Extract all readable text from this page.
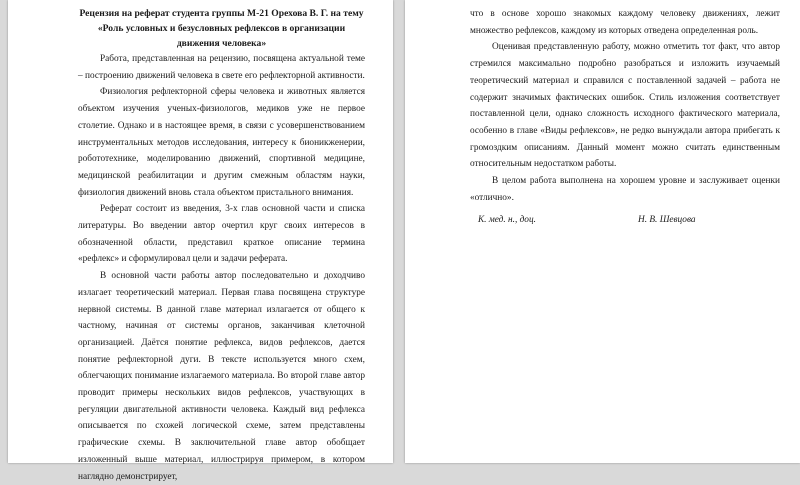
Рецензия на реферат студента группы М-21 Орехова В. Г. на тему «Роль условных и безусловных рефлексов в организации движения человека»

Работа, представленная на рецензию, посвящена актуальной теме – построению движений человека в свете его рефлекторной активности.

Физиология рефлекторной сферы человека и животных является объектом изучения ученых-физиологов, медиков уже не первое столетие. Однако и в настоящее время, в связи с усовершенствованием инструментальных методов исследования, интересу к бионикженерии, робототехнике, моделированию движений, спортивной медицине, медицинской реабилитации и другим смежным областям науки, физиология движений вновь стала объектом пристального внимания.

Реферат состоит из введения, 3-х глав основной части и списка литературы. Во введении автор очертил круг своих интересов в обозначенной области, представил краткое описание термина «рефлекс» и сформулировал цели и задачи реферата.

В основной части работы автор последовательно и доходчиво излагает теоретический материал. Первая глава посвящена структуре нервной системы. В данной главе материал излагается от общего к частному, начиная от системы органов, заканчивая клеточной организацией. Даётся понятие рефлекса, видов рефлексов, дается понятие рефлекторной дуги. В тексте используется много схем, облегчающих понимание излагаемого материала. Во второй главе автор проводит примеры нескольких видов рефлексов, участвующих в регуляции двигательной активности человека. Каждый вид рефлекса описывается по схожей логической схеме, затем представлены графические схемы. В заключительной главе автор обобщает изложенный выше материал, иллюстрируя примером, в котором наглядно демонстрирует,

что в основе хорошо знакомых каждому человеку движениях, лежит множество рефлексов, каждому из которых отведена определенная роль.

Оценивая представленную работу, можно отметить тот факт, что автор стремился максимально подробно разобраться и изложить изучаемый теоретический материал и справился с поставленной задачей – работа не содержит значимых фактических ошибок. Стиль изложения соответствует поставленной цели, однако сложность исходного фактического материала, особенно в главе «Виды рефлексов», не редко вынуждали автора прибегать к громоздким описаниям. Данный момент можно считать единственным относительным недостатком работы.

В целом работа выполнена на хорошем уровне и заслуживает оценки «отлично».

К. мед. н., доц.	Н. В. Шевцова
